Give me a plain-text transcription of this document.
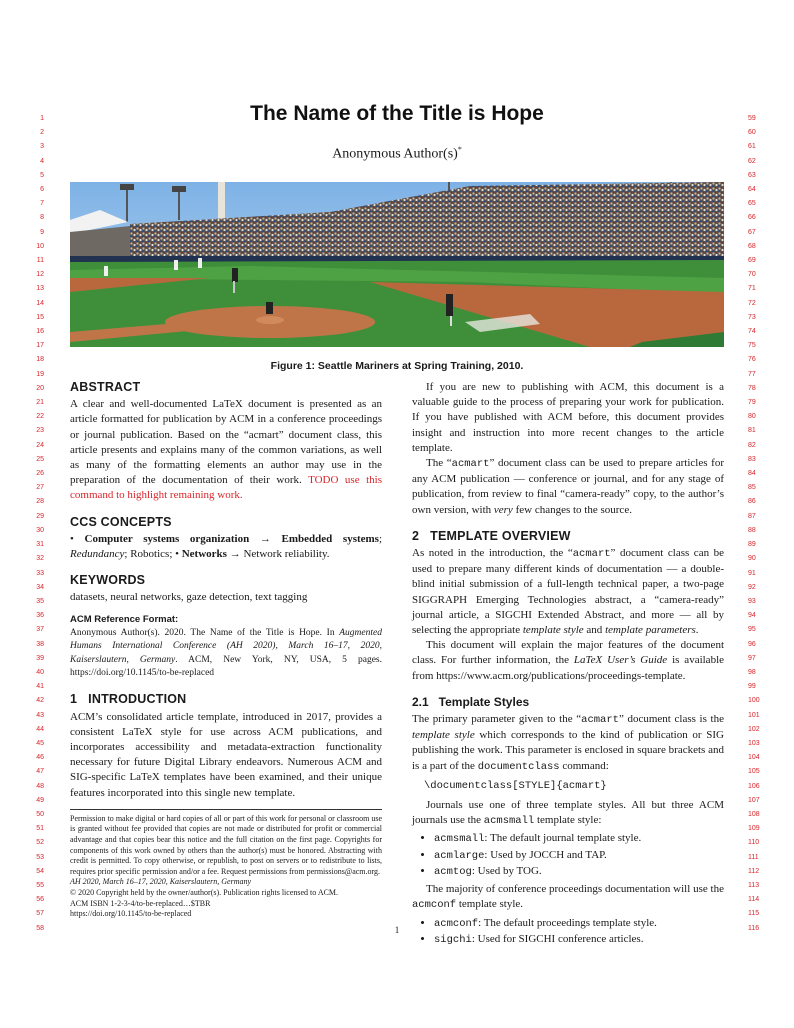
1
2
3
4
5
6
7
8
9
10
11
12
13
14
15
16
17
18
19
20
21
22
23
24
25
26
27
28
29
30
31
32
33
34
35
36
37
38
39
40
41
42
43
44
45
46
47
48
49
50
51
52
53
54
55
56
57
58
59
60
61
62
63
64
65
66
67
68
69
70
71
72
73
74
75
76
77
78
79
80
81
82
83
84
85
86
87
88
89
90
91
92
93
94
95
96
97
98
99
100
101
102
103
104
105
106
107
108
109
110
111
112
113
114
115
116
The Name of the Title is Hope
Anonymous Author(s)*
Figure 1: Seattle Mariners at Spring Training, 2010.
ABSTRACT

A clear and well-documented LaTeX document is presented as an article formatted for publication by ACM in a conference proceedings or journal publication. Based on the “acmart” document class, this article presents and explains many of the common variations, as well as many of the formatting elements an author may use in the preparation of the documentation of their work. TODO use this command to highlight remaining work.

CCS CONCEPTS

• Computer systems organization → Embedded systems; Redundancy; Robotics; • Networks → Network reliability.

KEYWORDS

datasets, neural networks, gaze detection, text tagging

ACM Reference Format:

Anonymous Author(s). 2020. The Name of the Title is Hope. In Augmented Humans International Conference (AH 2020), March 16–17, 2020, Kaiserslautern, Germany. ACM, New York, NY, USA, 5 pages. https://doi.org/10.1145/to-be-replaced

1   INTRODUCTION

ACM’s consolidated article template, introduced in 2017, provides a consistent LaTeX style for use across ACM publications, and incorporates accessibility and metadata-extraction functionality necessary for future Digital Library endeavors. Numerous ACM and SIG-specific LaTeX templates have been examined, and their unique features incorporated into this single new template.

Permission to make digital or hard copies of all or part of this work for personal or classroom use is granted without fee provided that copies are not made or distributed for profit or commercial advantage and that copies bear this notice and the full citation on the first page. Copyrights for components of this work owned by others than the author(s) must be honored. Abstracting with credit is permitted. To copy otherwise, or republish, to post on servers or to redistribute to lists, requires prior specific permission and/or a fee. Request permissions from permissions@acm.org.
AH 2020, March 16–17, 2020, Kaiserslautern, Germany
© 2020 Copyright held by the owner/author(s). Publication rights licensed to ACM.
ACM ISBN 1-2-3-4/to-be-replaced…$TBR
https://doi.org/10.1145/to-be-replaced

If you are new to publishing with ACM, this document is a valuable guide to the process of preparing your work for publication. If you have published with ACM before, this document provides insight and instruction into more recent changes to the article template.

The “acmart” document class can be used to prepare articles for any ACM publication — conference or journal, and for any stage of publication, from review to final “camera-ready” copy, to the author’s own version, with very few changes to the source.

2   TEMPLATE OVERVIEW

As noted in the introduction, the “acmart” document class can be used to prepare many different kinds of documentation — a double-blind initial submission of a full-length technical paper, a two-page SIGGRAPH Emerging Technologies abstract, a “camera-ready” journal article, a SIGCHI Extended Abstract, and more — all by selecting the appropriate template style and template parameters.

This document will explain the major features of the document class. For further information, the LaTeX User’s Guide is available from https://www.acm.org/publications/proceedings-template.

2.1   Template Styles

The primary parameter given to the “acmart” document class is the template style which corresponds to the kind of publication or SIG publishing the work. This parameter is enclosed in square brackets and is a part of the documentclass command:

\documentclass[STYLE]{acmart}

Journals use one of three template styles. All but three ACM journals use the acmsmall template style:

• acmsmall: The default journal template style.
• acmlarge: Used by JOCCH and TAP.
• acmtog: Used by TOG.

The majority of conference proceedings documentation will use the acmconf template style.

• acmconf: The default proceedings template style.
• sigchi: Used for SIGCHI conference articles.
1
